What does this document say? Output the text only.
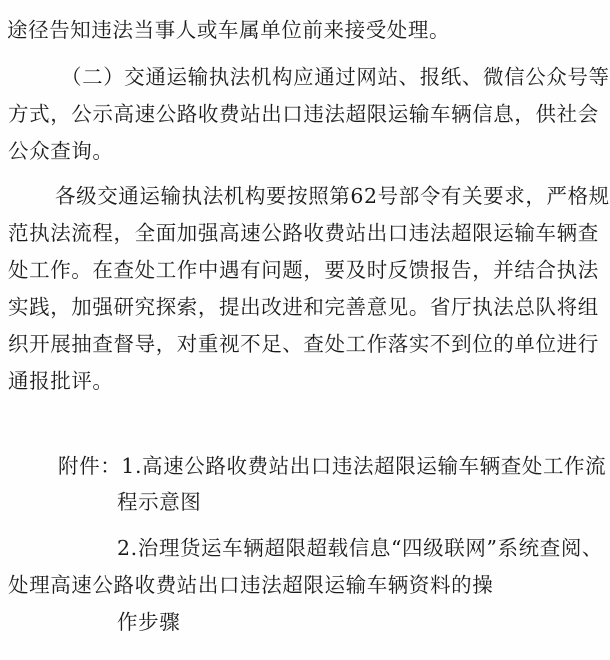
途径告知违法当事人或车属单位前来接受处理。
（二）交通运输执法机构应通过网站、报纸、微信公众号等
方式，公示高速公路收费站出口违法超限运输车辆信息，供社会
公众查询。
各级交通运输执法机构要按照第62号部令有关要求，严格规
范执法流程，全面加强高速公路收费站出口违法超限运输车辆查
处工作。在查处工作中遇有问题，要及时反馈报告，并结合执法
实践，加强研究探索，提出改进和完善意见。省厅执法总队将组
织开展抽查督导，对重视不足、查处工作落实不到位的单位进行
通报批评。
附件：1.高速公路收费站出口违法超限运输车辆查处工作流
程示意图
2.治理货运车辆超限超载信息“四级联网”系统查阅、
处理高速公路收费站出口违法超限运输车辆资料的操
作步骤
